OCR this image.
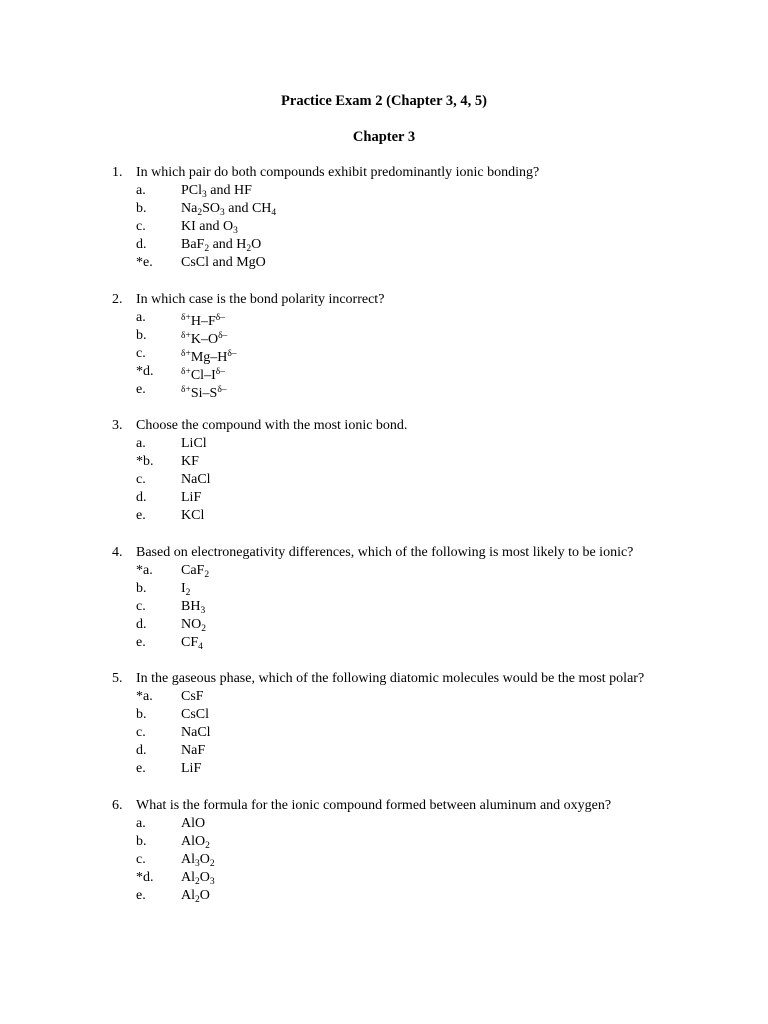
Practice Exam 2 (Chapter 3, 4, 5)
Chapter 3
1. In which pair do both compounds exhibit predominantly ionic bonding?
a.	PCl$_3$ and HF
b. $Na_2SO_3$ and $CH_4$
c.	KI and $O_3$
d. BaF$_2$ and $H_2O$
*e. CsCl and MgO
2. In which case is the bond polarity incorrect?
a.	$^{\delta+}H-F^{\delta-}$
b.	$^{\delta+}K-O^{\delta-}$
c.	$^{\delta+}Mg-H^{\delta-}$
*d.	$^{\delta+}Cl-I^{\delta-}$
e.	$^{\delta+}Si-S^{\delta-}$
3. Choose the compound with the most ionic bond.
a.	LiCl
*b. KF
c.	NaCl
d. LiF
e.	KCl
4. Based on electronegativity differences, which of the following is most likely to be ionic?
*a. CaF$_2$
b. $I_2$
c.	$BH_3$
d. $NO_2$
e.	$CF_4$
5. In the gaseous phase, which of the following diatomic molecules would be the most polar?
*a. CsF
b. CsCl
c.	NaCl
d. NaF
e.	LiF
6. What is the formula for the ionic compound formed between aluminum and oxygen?
a.	AlO
b. AlO$_2$
c.	$Al_3O_2$
*d. $Al_2O_3$
e.	$Al_2O$
